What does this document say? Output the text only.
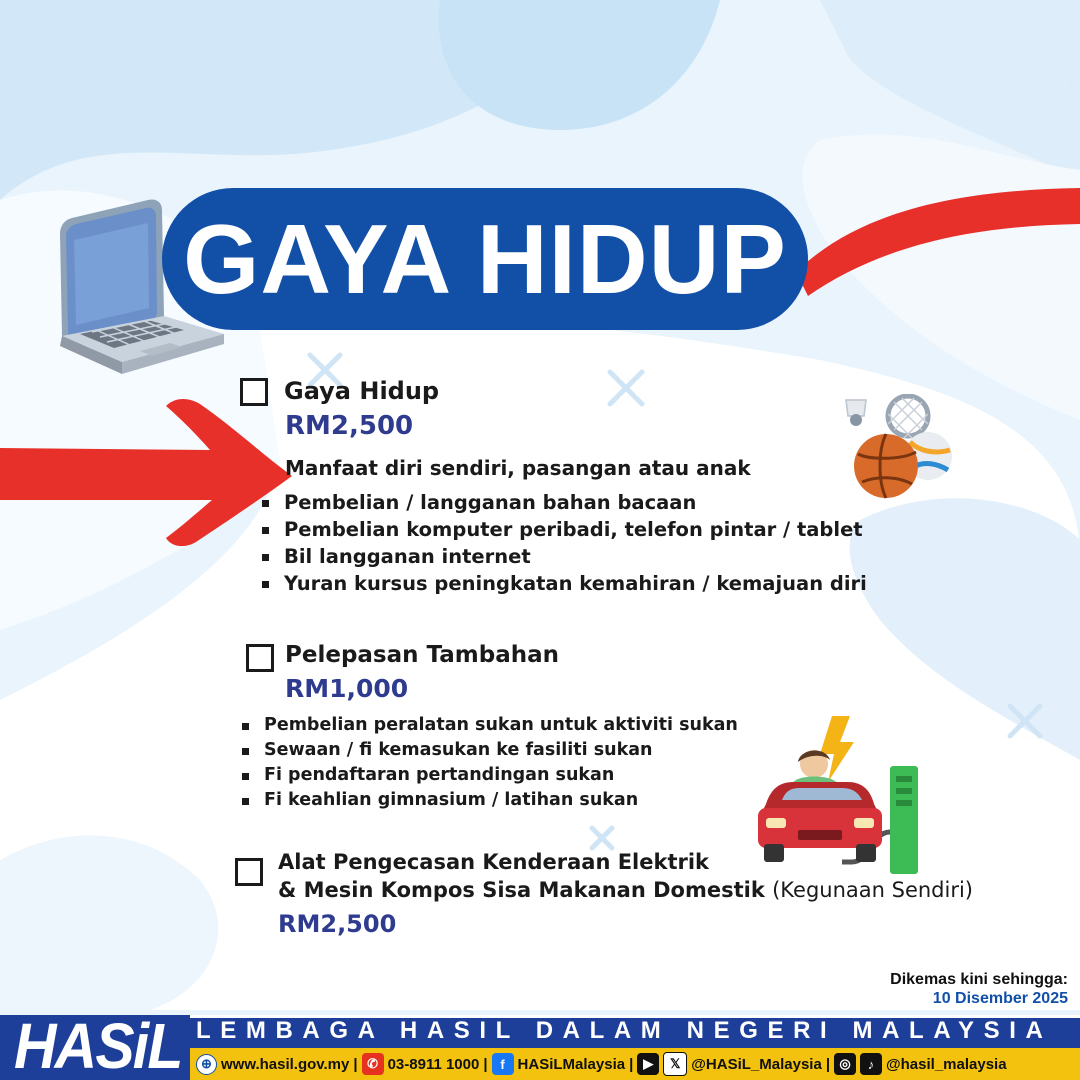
GAYA HIDUP
Gaya Hidup
RM2,500
Manfaat diri sendiri, pasangan atau anak
Pembelian / langganan bahan bacaan
Pembelian komputer peribadi, telefon pintar / tablet
Bil langganan internet
Yuran kursus peningkatan kemahiran / kemajuan diri
Pelepasan Tambahan
RM1,000
Pembelian peralatan sukan untuk aktiviti sukan
Sewaan / fi kemasukan ke fasiliti sukan
Fi pendaftaran pertandingan sukan
Fi keahlian gimnasium / latihan sukan
Alat Pengecasan Kenderaan Elektrik
& Mesin Kompos Sisa Makanan Domestik (Kegunaan Sendiri)
RM2,500
Dikemas kini sehingga:
10 Disember 2025
LEMBAGA HASIL DALAM NEGERI MALAYSIA
HASiL	⊕ www.hasil.gov.my | ✆ 03-8911 1000 | f HASiLMalaysia | ▶	𝕏 @HASiL_Malaysia | ◎	♪ @hasil_malaysia
